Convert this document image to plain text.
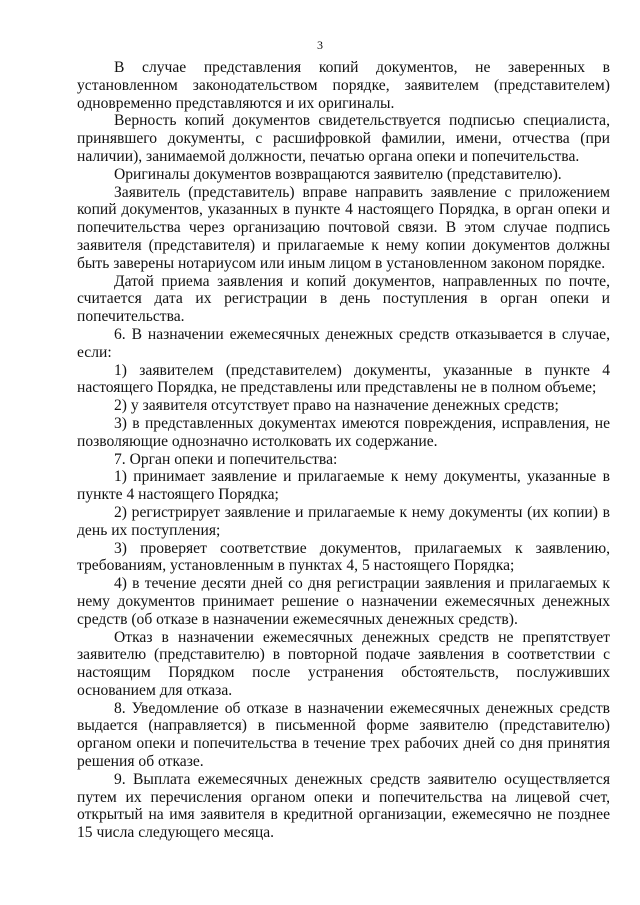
3

В случае представления копий документов, не заверенных в установленном законодательством порядке, заявителем (представителем) одновременно представляются и их оригиналы.

Верность копий документов свидетельствуется подписью специалиста, принявшего документы, с расшифровкой фамилии, имени, отчества (при наличии), занимаемой должности, печатью органа опеки и попечительства.

Оригиналы документов возвращаются заявителю (представителю).

Заявитель (представитель) вправе направить заявление с приложением копий документов, указанных в пункте 4 настоящего Порядка, в орган опеки и попечительства через организацию почтовой связи. В этом случае подпись заявителя (представителя) и прилагаемые к нему копии документов должны быть заверены нотариусом или иным лицом в установленном законом порядке.

Датой приема заявления и копий документов, направленных по почте, считается дата их регистрации в день поступления в орган опеки и попечительства.

6. В назначении ежемесячных денежных средств отказывается в случае, если:

1) заявителем (представителем) документы, указанные в пункте 4 настоящего Порядка, не представлены или представлены не в полном объеме;

2) у заявителя отсутствует право на назначение денежных средств;

3) в представленных документах имеются повреждения, исправления, не позволяющие однозначно истолковать их содержание.

7. Орган опеки и попечительства:

1) принимает заявление и прилагаемые к нему документы, указанные в пункте 4 настоящего Порядка;

2) регистрирует заявление и прилагаемые к нему документы (их копии) в день их поступления;

3) проверяет соответствие документов, прилагаемых к заявлению, требованиям, установленным в пунктах 4, 5 настоящего Порядка;

4) в течение десяти дней со дня регистрации заявления и прилагаемых к нему документов принимает решение о назначении ежемесячных денежных средств (об отказе в назначении ежемесячных денежных средств).

Отказ в назначении ежемесячных денежных средств не препятствует заявителю (представителю) в повторной подаче заявления в соответствии с настоящим Порядком после устранения обстоятельств, послуживших основанием для отказа.

8. Уведомление об отказе в назначении ежемесячных денежных средств выдается (направляется) в письменной форме заявителю (представителю) органом опеки и попечительства в течение трех рабочих дней со дня принятия решения об отказе.

9. Выплата ежемесячных денежных средств заявителю осуществляется путем их перечисления органом опеки и попечительства на лицевой счет, открытый на имя заявителя в кредитной организации, ежемесячно не позднее 15 числа следующего месяца.
